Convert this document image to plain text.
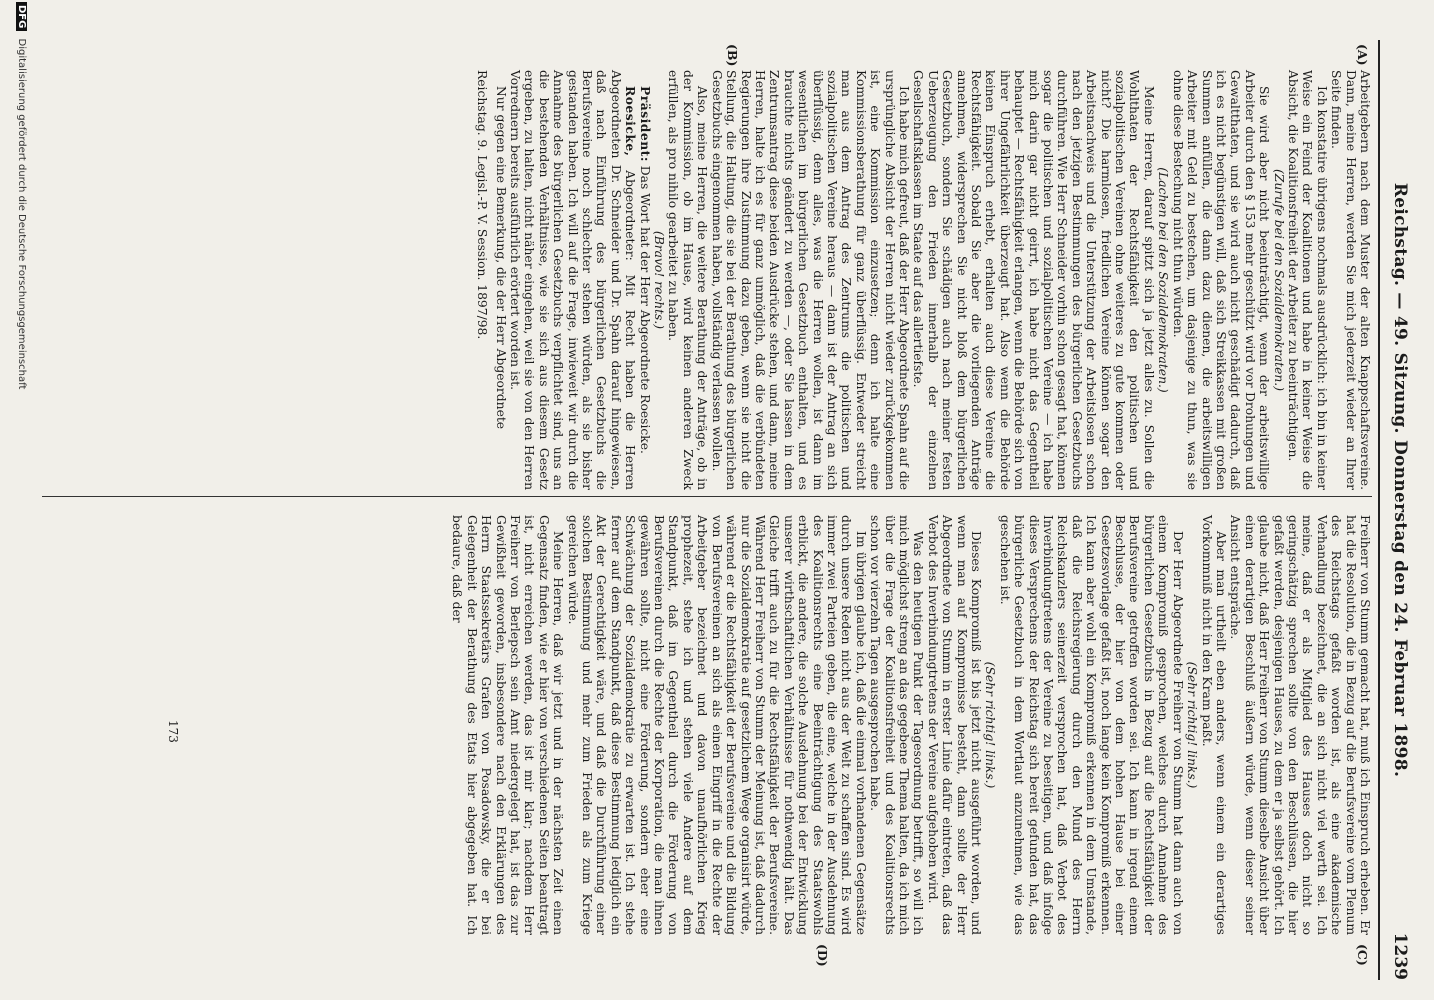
DFG Digitalisierung gefördert durch die Deutsche Forschungsgemeinschaft	Reichstag. — 49. Sitzung. Donnerstag den 24. Februar 1898.
1239
(A)
(B)
(C)
(D)

Arbeitgebern nach dem Muster der alten Knappschaftsvereine. Dann, meine Herren, werden Sie mich jederzeit wieder an Ihrer Seite finden.

Ich konstatire übrigens nochmals ausdrücklich: ich bin in keiner Weise ein Feind der Koalitionen und habe in keiner Weise die Absicht, die Koalitionsfreiheit der Arbeiter zu beeinträchtigen.

(Zurufe bei den Sozialdemokraten.)

Sie wird aber nicht beeinträchtigt, wenn der arbeitswillige Arbeiter durch den § 153 mehr geschützt wird vor Drohungen und Gewaltthaten, und sie wird auch nicht geschädigt dadurch, daß ich es nicht begünstigen will, daß sich Streikkassen mit großen Summen anfüllen, die dann dazu dienen, die arbeitswilligen Arbeiter mit Geld zu bestechen, um dasjenige zu thun, was sie ohne diese Bestechung nicht thun würden.

(Lachen bei den Sozialdemokraten.)

Meine Herren, darauf spitzt sich ja jetzt alles zu. Sollen die Wohlthaten der Rechtsfähigkeit den politischen und sozialpolitischen Vereinen ohne weiteres zu gute kommen oder nicht? Die harmlosen, friedlichen Vereine können sogar den Arbeitsnachweis und die Unterstützung der Arbeitslosen schon nach den jetzigen Bestimmungen des bürgerlichen Gesetzbuchs durchführen. Wie Herr Schneider vorhin schon gesagt hat, können sogar die politischen und sozialpolitischen Vereine — ich habe mich darin gar nicht geirrt, ich habe nicht das Gegentheil behauptet — Rechtsfähigkeit erlangen, wenn die Behörde sich von ihrer Ungefährlichkeit überzeugt hat. Also wenn die Behörde keinen Einspruch erhebt, erhalten auch diese Vereine die Rechtsfähigkeit. Sobald Sie aber die vorliegenden Anträge annehmen, widersprechen Sie nicht bloß dem bürgerlichen Gesetzbuch, sondern Sie schädigen auch nach meiner festen Ueberzeugung den Frieden innerhalb der einzelnen Gesellschaftsklassen im Staate auf das allertiefste.

Ich habe mich gefreut, daß der Herr Abgeordnete Spahn auf die ursprüngliche Absicht der Herren nicht wieder zurückgekommen ist, eine Kommission einzusetzen; denn ich halte eine Kommissionsberathung für ganz überflüssig. Entweder streicht man aus dem Antrag des Zentrums die politischen und sozialpolitischen Vereine heraus — dann ist der Antrag an sich überflüssig, denn alles, was die Herren wollen, ist dann im wesentlichen im bürgerlichen Gesetzbuch enthalten, und es brauchte nichts geändert zu werden —, oder Sie lassen in dem Zentrumsantrag diese beiden Ausdrücke stehen, und dann, meine Herren, halte ich es für ganz unmöglich, daß die verbündeten Regierungen ihre Zustimmung dazu geben, wenn sie nicht die Stellung, die Haltung, die sie bei der Berathung des bürgerlichen Gesetzbuchs eingenommen haben, vollständig verlassen wollen.

Also, meine Herren, die weitere Berathung der Anträge, ob in der Kommission, ob im Hause, wird keinen anderen Zweck erfüllen, als pro nihilo gearbeitet zu haben.

(Bravo! rechts.)

Präsident: Das Wort hat der Herr Abgeordnete Roesicke.

Roesicke, Abgeordneter: Mit Recht haben die Herren Abgeordneten Dr. Schneider und Dr. Spahn darauf hingewiesen, daß nach Einführung des bürgerlichen Gesetzbuchs die Berufsvereine noch schlechter stehen würden, als sie bisher gestanden haben. Ich will auf die Frage, inwieweit wir durch die Annahme des bürgerlichen Gesetzbuchs verpflichtet sind, uns an die bestehenden Verhältnisse, wie sie sich aus diesem Gesetz ergeben, zu halten, nicht näher eingehen, weil sie von den Herren Vorrednern bereits ausführlich erörtert worden ist.

Nur gegen eine Bemerkung, die der Herr Abgeordnete

Reichstag. 9. Legisl.-P. V. Session. 1897/98.

Freiherr von Stumm gemacht hat, muß ich Einspruch erheben. Er hat die Resolution, die in Bezug auf die Berufsvereine vom Plenum des Reichstags gefaßt worden ist, als eine akademische Verhandlung bezeichnet, die an sich nicht viel werth sei. Ich meine, daß er als Mitglied des Hauses doch nicht so geringschätzig sprechen sollte von den Beschlüssen, die hier gefaßt werden, desjenigen Hauses, zu dem er ja selbst gehört. Ich glaube nicht, daß Herr Freiherr von Stumm dieselbe Ansicht über einen derartigen Beschluß äußern würde, wenn dieser seiner Ansicht entspräche.

Aber man urtheilt eben anders, wenn einem ein derartiges Vorkommniß nicht in den Kram paßt.

(Sehr richtig! links.)

Der Herr Abgeordnete Freiherr von Stumm hat dann auch von einem Kompromiß gesprochen, welches durch Annahme des bürgerlichen Gesetzbuchs in Bezug auf die Rechtsfähigkeit der Berufsvereine getroffen worden sei. Ich kann in irgend einem Beschlusse, der hier von dem hohen Hause bei einer Gesetzesvorlage gefaßt ist, noch lange kein Kompromiß erkennen. Ich kann aber wohl ein Kompromiß erkennen in dem Umstande, daß die Reichsregierung durch den Mund des Herrn Reichskanzlers seinerzeit versprochen hat, daß Verbot des Inverbindungtretens der Vereine zu beseitigen, und daß infolge dieses Versprechens der Reichstag sich bereit gefunden hat, das bürgerliche Gesetzbuch in dem Wortlaut anzunehmen, wie das geschehen ist.

(Sehr richtig! links.)

Dieses Kompromiß ist bis jetzt nicht ausgeführt worden, und wenn man auf Kompromisse besteht, dann sollte der Herr Abgeordnete von Stumm in erster Linie dafür eintreten, daß das Verbot des Inverbindungtretens der Vereine aufgehoben wird.

Was den heutigen Punkt der Tagesordnung betrifft, so will ich mich möglichst streng an das gegebene Thema halten, da ich mich über die Frage der Koalitionsfreiheit und des Koalitionsrechts schon vor vierzehn Tagen ausgesprochen habe.

Im übrigen glaube ich, daß die einmal vorhandenen Gegensätze durch unsere Reden nicht aus der Welt zu schaffen sind. Es wird immer zwei Parteien geben, die eine, welche in der Ausdehnung des Koalitionsrechts eine Beeinträchtigung des Staatswohls erblickt, die andere, die solche Ausdehnung bei der Entwicklung unserer wirthschaftlichen Verhältnisse für nothwendig hält. Das Gleiche trifft auch zu für die Rechtsfähigkeit der Berufsvereine. Während Herr Freiherr von Stumm der Meinung ist, daß dadurch nur die Sozialdemokratie auf gesetzlichem Wege organisirt würde, während er die Rechtsfähigkeit der Berufsvereine und die Bildung von Berufsvereinen an sich als einen Eingriff in die Rechte der Arbeitgeber bezeichnet und davon unaufhörlichen Krieg prophezeit, stehe ich und stehen viele Andere auf dem Standpunkt, daß im Gegentheil durch die Förderung von Berufsvereinen durch die Rechte der Korporation, die man ihnen gewähren sollte, nicht eine Förderung, sondern eher eine Schwächung der Sozialdemokratie zu erwarten ist. Ich stehe ferner auf dem Standpunkt, daß diese Bestimmung lediglich ein Akt der Gerechtigkeit wäre, und daß die Durchführung einer solchen Bestimmung und mehr zum Frieden als zum Kriege gereichen würde.

Meine Herren, daß wir jetzt und in der nächsten Zeit einen Gegensatz finden, wie er hier von verschiedenen Seiten beantragt ist, nicht erreichen werden, das ist mir klar; nachdem Herr Freiherr von Berlepsch sein Amt niedergelegt hat, ist das zur Gewißheit geworden, insbesondere nach den Erklärungen des Herrn Staatssekretärs Grafen von Posadowsky, die er bei Gelegenheit der Berathung des Etats hier abgegeben hat. Ich bedaure, daß der

173
